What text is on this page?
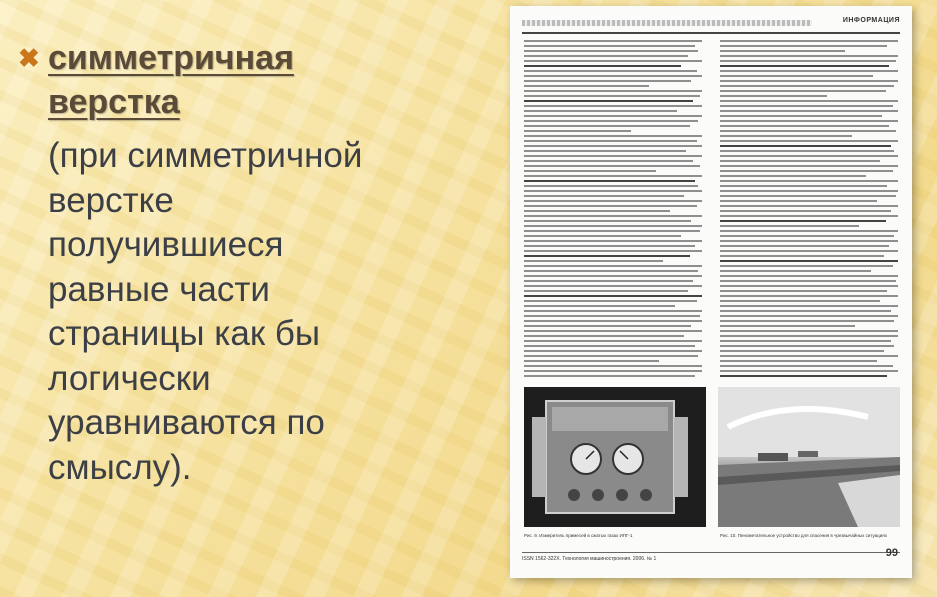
✖ симметричная
верстка
(при симметричной
верстке
получившиеся
равные части
страницы как бы
логически
уравниваются по
смыслу).
ИНФОРМАЦИЯ
Рис. 9. Измеритель примесей в сжатых газах ИПГ-1	Рис. 10. Пенометательное устройство для спасения в чрезвычайных ситуациях
ISSN 1562-322X. Технология машиностроения. 2006. № 1	99
